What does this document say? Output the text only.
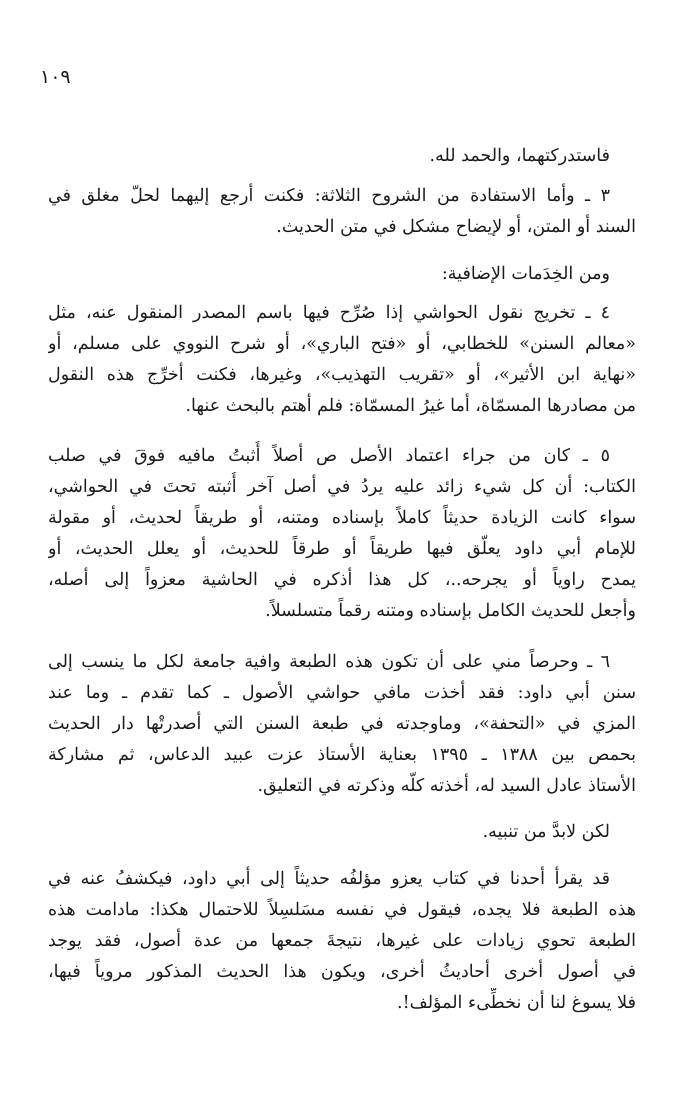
١٠٩
فاستدركتهما، والحمد لله.
٣ ـ وأما الاستفادة من الشروح الثلاثة: فكنت أرجع إليهما لحلّ مغلق في
السند أو المتن، أو لإيضاح مشكل في متن الحديث.
ومن الخِدَمات الإضافية:
٤ ـ تخريج نقول الحواشي إذا صُرِّح فيها باسم المصدر المنقول عنه، مثل
«معالم السنن» للخطابي، أو «فتح الباري»، أو شرح النووي على مسلم، أو
«نهاية ابن الأثير»، أو «تقريب التهذيب»، وغيرها، فكنت أخرِّج هذه النقول
من مصادرها المسمّاة، أما غيرُ المسمّاة: فلم أهتم بالبحث عنها.
٥ ـ كان من جراء اعتماد الأصل ص أصلاً أُثبتُ مافيه فوقَ في صلب
الكتاب: أن كل شيء زائد عليه يردُ في أصل آخر أُثبته تحتَ في الحواشي،
سواء كانت الزيادة حديثاً كاملاً بإسناده ومتنه، أو طريقاً لحديث، أو مقولة
للإمام أبي داود يعلّق فيها طريقاً أو طرقاً للحديث، أو يعلل الحديث، أو
يمدح راوياً أو يجرحه..، كل هذا أذكره في الحاشية معزواً إلى أصله،
وأجعل للحديث الكامل بإسناده ومتنه رقماً متسلسلاً.
٦ ـ وحرصاً مني على أن تكون هذه الطبعة وافية جامعة لكل ما ينسب إلى
سنن أبي داود: فقد أخذت مافي حواشي الأصول ـ كما تقدم ـ وما عند
المزي في «التحفة»، وماوجدته في طبعة السنن التي أصدرتْها دار الحديث
بحمص بين ١٣٨٨ ـ ١٣٩٥ بعناية الأستاذ عزت عبيد الدعاس، ثم مشاركة
الأستاذ عادل السيد له، أخذته كلّه وذكرته في التعليق.
لكن لابدَّ من تنبيه.
قد يقرأ أحدنا في كتاب يعزو مؤلفُه حديثاً إلى أبي داود، فيكشفُ عنه في
هذه الطبعة فلا يجده، فيقول في نفسه مسَلسِلاً للاحتمال هكذا: مادامت هذه
الطبعة تحوي زيادات على غيرها، نتيجةَ جمعها من عدة أصول، فقد يوجد
في أصول أخرى أحاديثُ أخرى، ويكون هذا الحديث المذكور مروياً فيها،
فلا يسوغ لنا أن نخطِّىء المؤلف!.
